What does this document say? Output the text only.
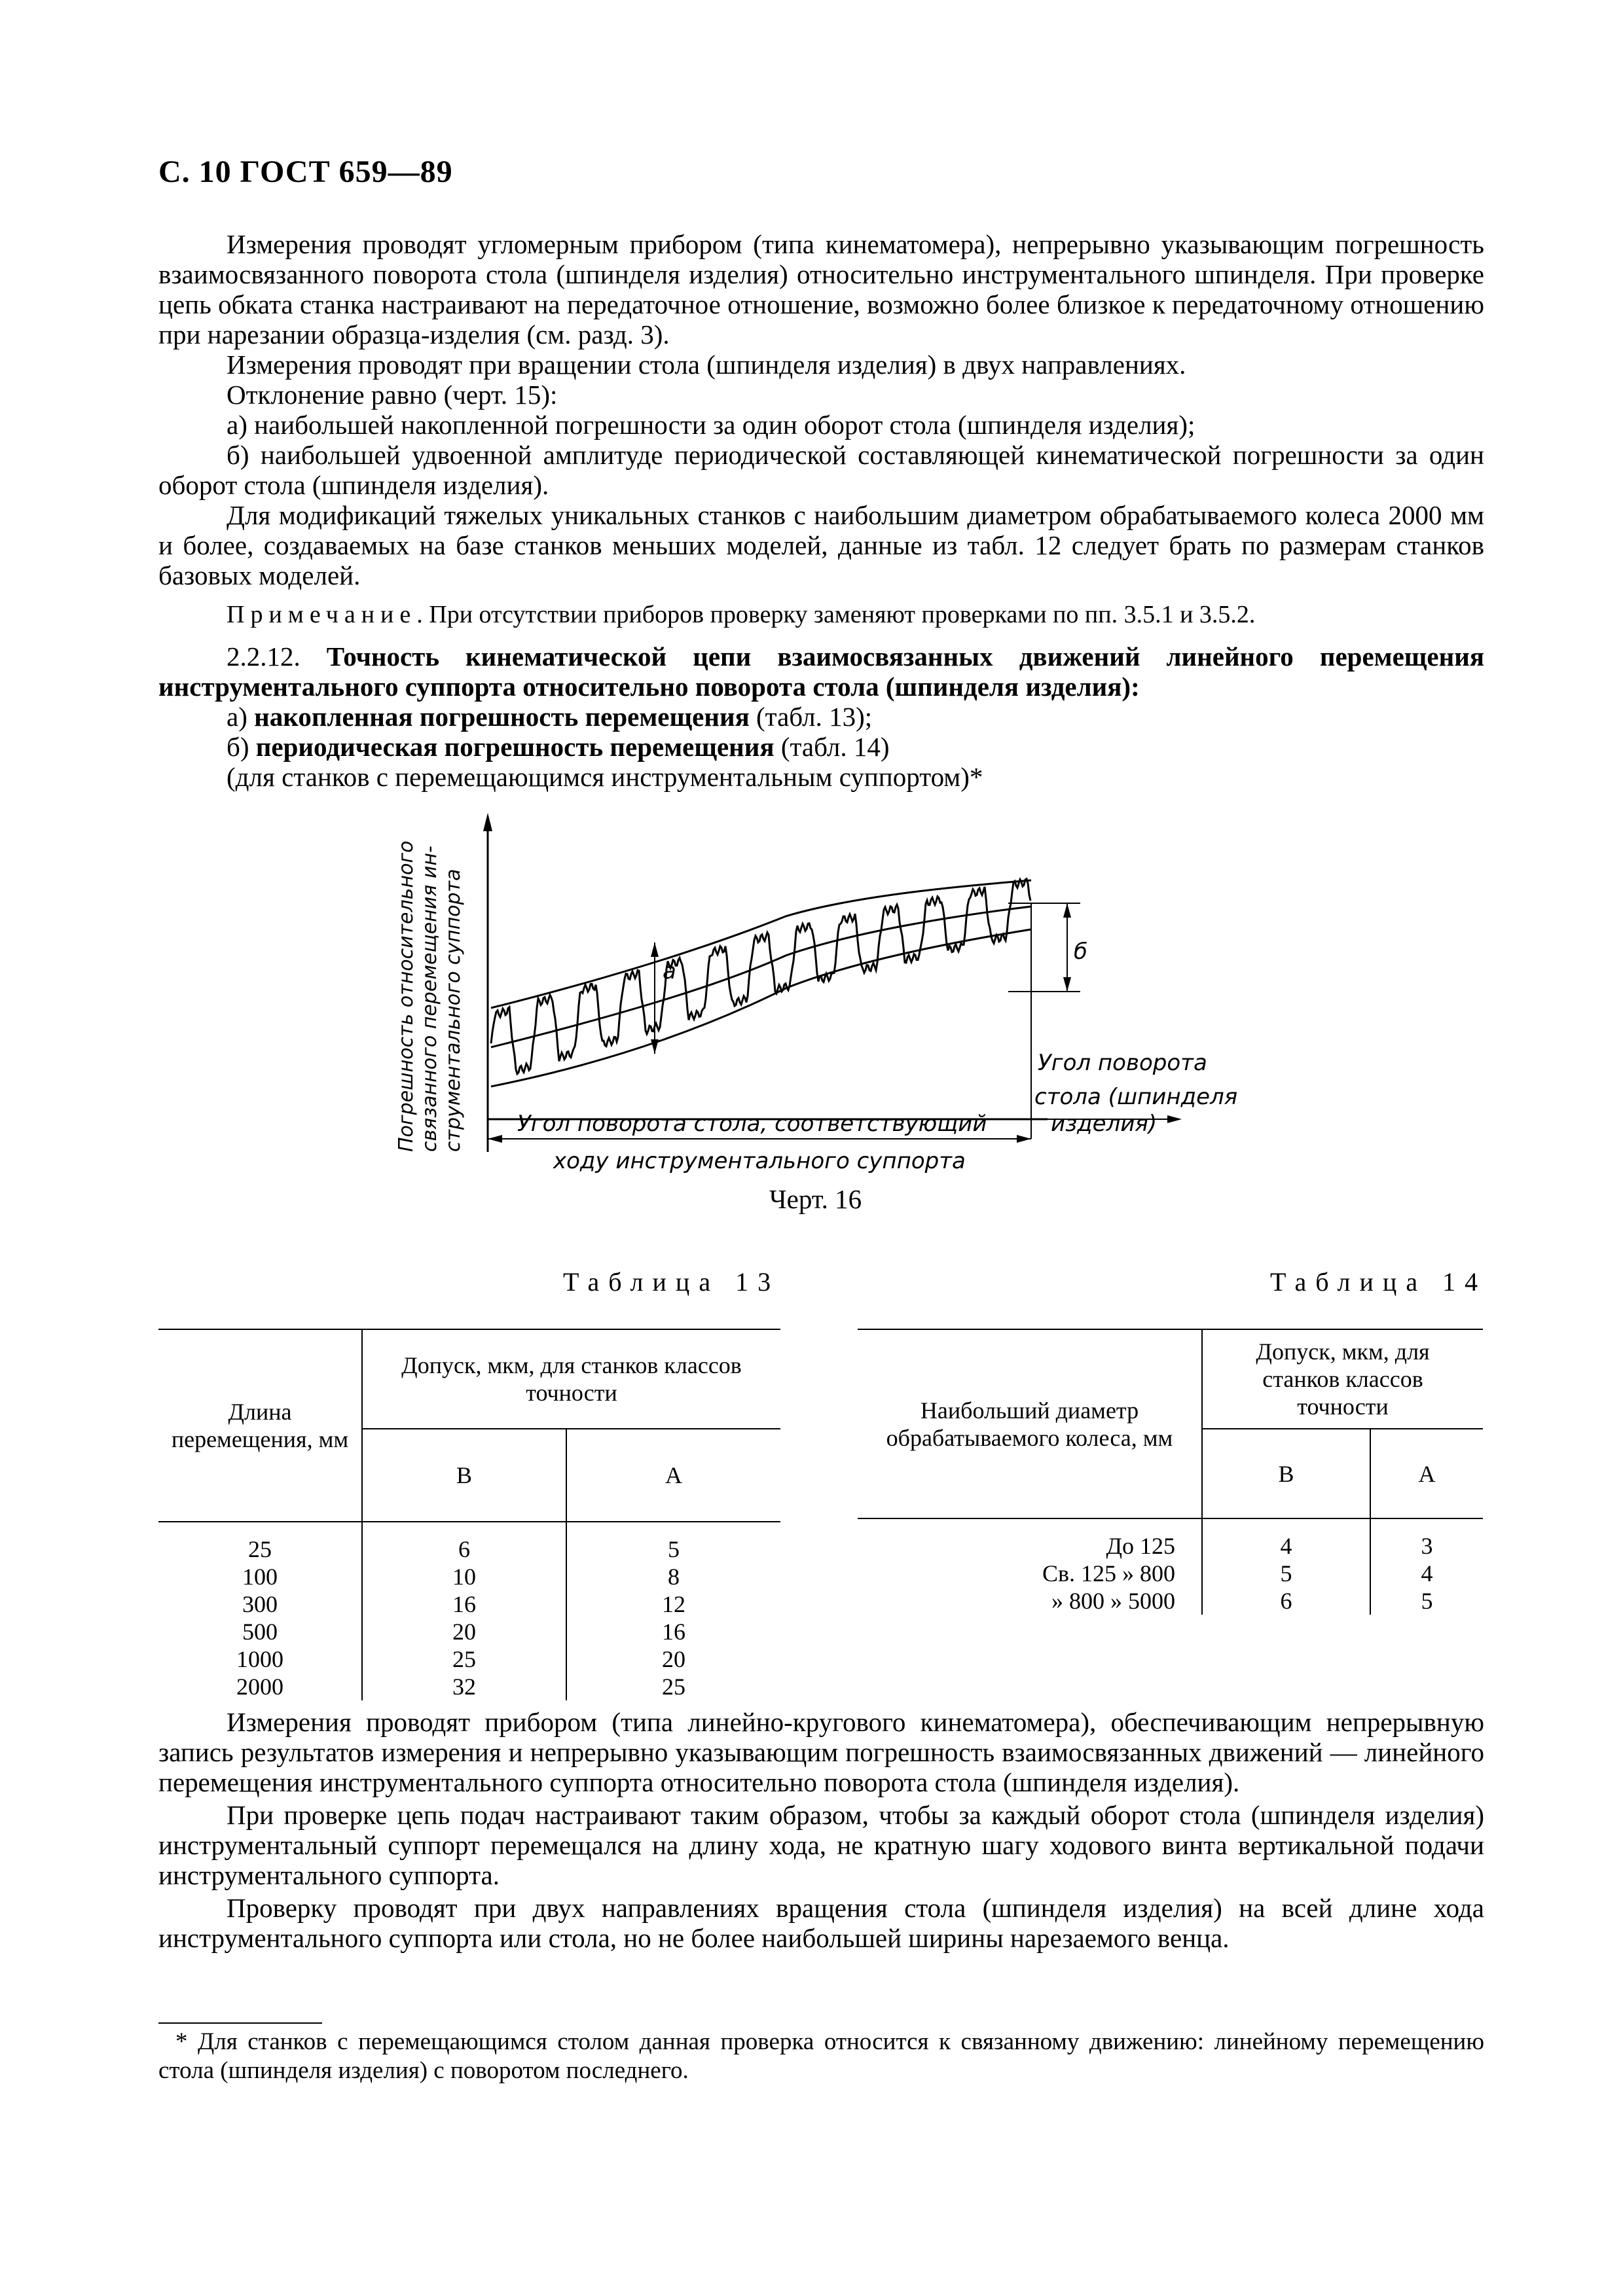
С. 10 ГОСТ 659—89

Измерения проводят угломерным прибором (типа кинематомера), непрерывно указывающим погрешность взаимосвязанного поворота стола (шпинделя изделия) относительно инструментального шпинделя. При проверке цепь обката станка настраивают на передаточное отношение, возможно более близкое к передаточному отношению при нарезании образца-изделия (см. разд. 3).

Измерения проводят при вращении стола (шпинделя изделия) в двух направлениях.

Отклонение равно (черт. 15):

а) наибольшей накопленной погрешности за один оборот стола (шпинделя изделия);

б) наибольшей удвоенной амплитуде периодической составляющей кинематической погрешности за один оборот стола (шпинделя изделия).

Для модификаций тяжелых уникальных станков с наибольшим диаметром обрабатываемого колеса 2000 мм и более, создаваемых на базе станков меньших моделей, данные из табл. 12 следует брать по размерам станков базовых моделей.

Примечание. При отсутствии приборов проверку заменяют проверками по пп. 3.5.1 и 3.5.2.

2.2.12. Точность кинематической цепи взаимосвязанных движений линейного перемещения инструментального суппорта относительно поворота стола (шпинделя изделия):

а) накопленная погрешность перемещения (табл. 13);

б) периодическая погрешность перемещения (табл. 14)

(для станков с перемещающимся инструментальным суппортом)*

a
б
Погрешность относительного связанного перемещения ин- струментального суппорта	Угол поворота
стола (шпинделя
изделия)
Угол поворота стола, соответствующий
ходу инструментального суппорта
Черт. 16
Таблица 13
Длина перемещения, мм	Допуск, мкм, для станков классов точности	
	В	А
25	6	5
100	10	8
300	16	12
500	20	16
1000	25	20
2000	32	25
Таблица 14
Наибольший диаметр обрабатываемого колеса, мм	Допуск, мкм, для станков классов точности	
	В	А
До 125	4	3
Св. 125 » 800	5	4
» 800 » 5000	6	5

Измерения проводят прибором (типа линейно-кругового кинематомера), обеспечивающим непрерывную запись результатов измерения и непрерывно указывающим погрешность взаимосвязанных движений — линейного перемещения инструментального суппорта относительно поворота стола (шпинделя изделия).

При проверке цепь подач настраивают таким образом, чтобы за каждый оборот стола (шпинделя изделия) инструментальный суппорт перемещался на длину хода, не кратную шагу ходового винта вертикальной подачи инструментального суппорта.

Проверку проводят при двух направлениях вращения стола (шпинделя изделия) на всей длине хода инструментального суппорта или стола, но не более наибольшей ширины нарезаемого венца.

* Для станков с перемещающимся столом данная проверка относится к связанному движению: линейному перемещению стола (шпинделя изделия) с поворотом последнего.
